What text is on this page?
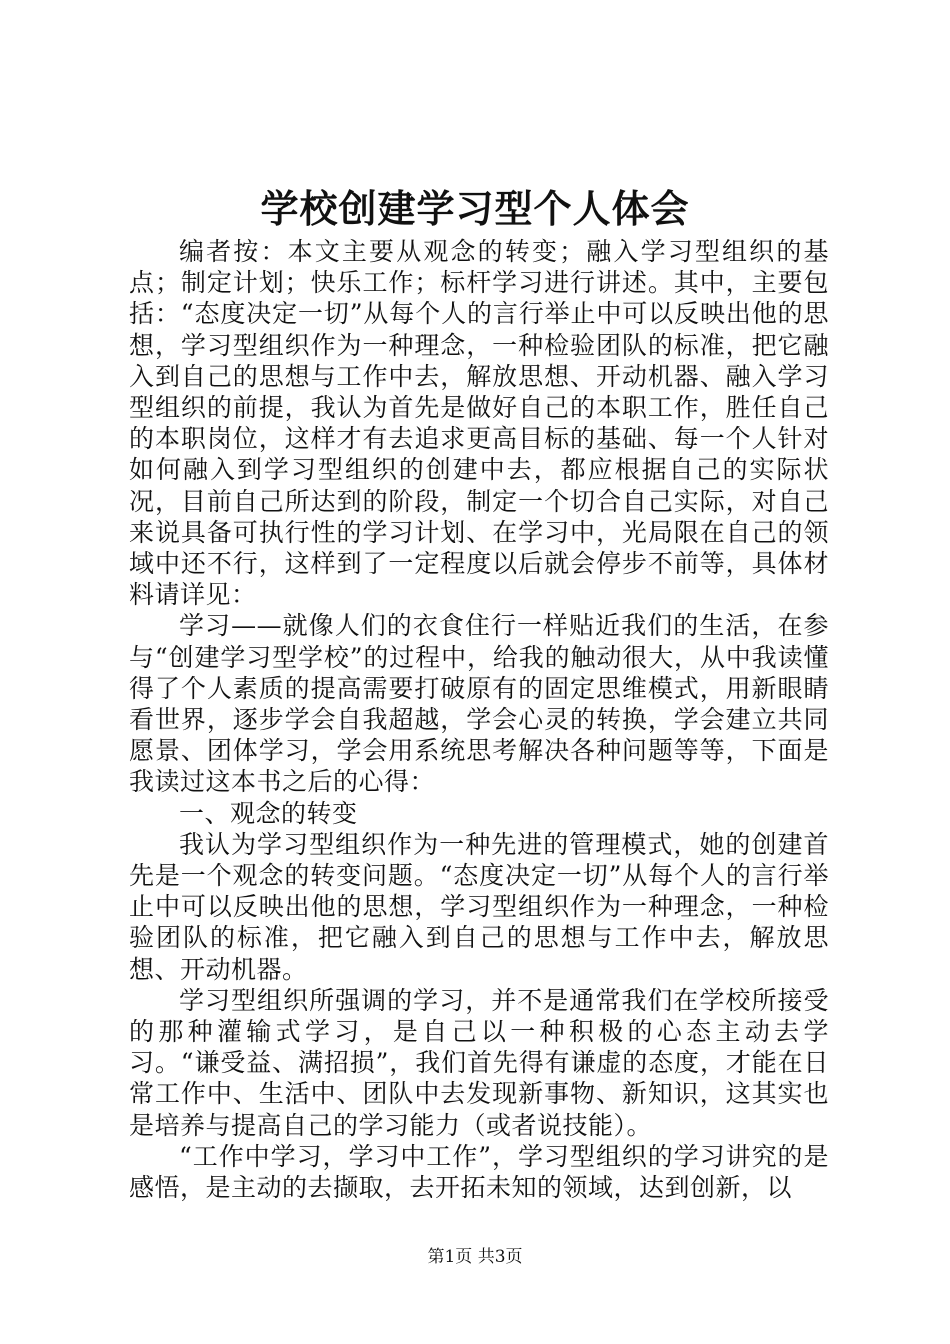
学校创建学习型个人体会

编者按：本文主要从观念的转变；融入学习型组织的基点；制定计划；快乐工作；标杆学习进行讲述。其中，主要包括：“态度决定一切”从每个人的言行举止中可以反映出他的思想，学习型组织作为一种理念，一种检验团队的标准，把它融入到自己的思想与工作中去，解放思想、开动机器、融入学习型组织的前提，我认为首先是做好自己的本职工作，胜任自己的本职岗位，这样才有去追求更高目标的基础、每一个人针对如何融入到学习型组织的创建中去，都应根据自己的实际状况，目前自己所达到的阶段，制定一个切合自己实际，对自己来说具备可执行性的学习计划、在学习中，光局限在自己的领域中还不行，这样到了一定程度以后就会停步不前等，具体材料请详见：

学习——就像人们的衣食住行一样贴近我们的生活，在参与“创建学习型学校”的过程中，给我的触动很大，从中我读懂得了个人素质的提高需要打破原有的固定思维模式，用新眼睛看世界，逐步学会自我超越，学会心灵的转换，学会建立共同愿景、团体学习，学会用系统思考解决各种问题等等，下面是我读过这本书之后的心得：

一、观念的转变

我认为学习型组织作为一种先进的管理模式，她的创建首先是一个观念的转变问题。“态度决定一切”从每个人的言行举止中可以反映出他的思想，学习型组织作为一种理念，一种检验团队的标准，把它融入到自己的思想与工作中去，解放思想、开动机器。

学习型组织所强调的学习，并不是通常我们在学校所接受的那种灌输式学习，是自己以一种积极的心态主动去学习。“谦受益、满招损”，我们首先得有谦虚的态度，才能在日常工作中、生活中、团队中去发现新事物、新知识，这其实也是培养与提高自己的学习能力（或者说技能）。

“工作中学习，学习中工作”，学习型组织的学习讲究的是感悟，是主动的去撷取，去开拓未知的领域，达到创新，以

第1页 共3页
